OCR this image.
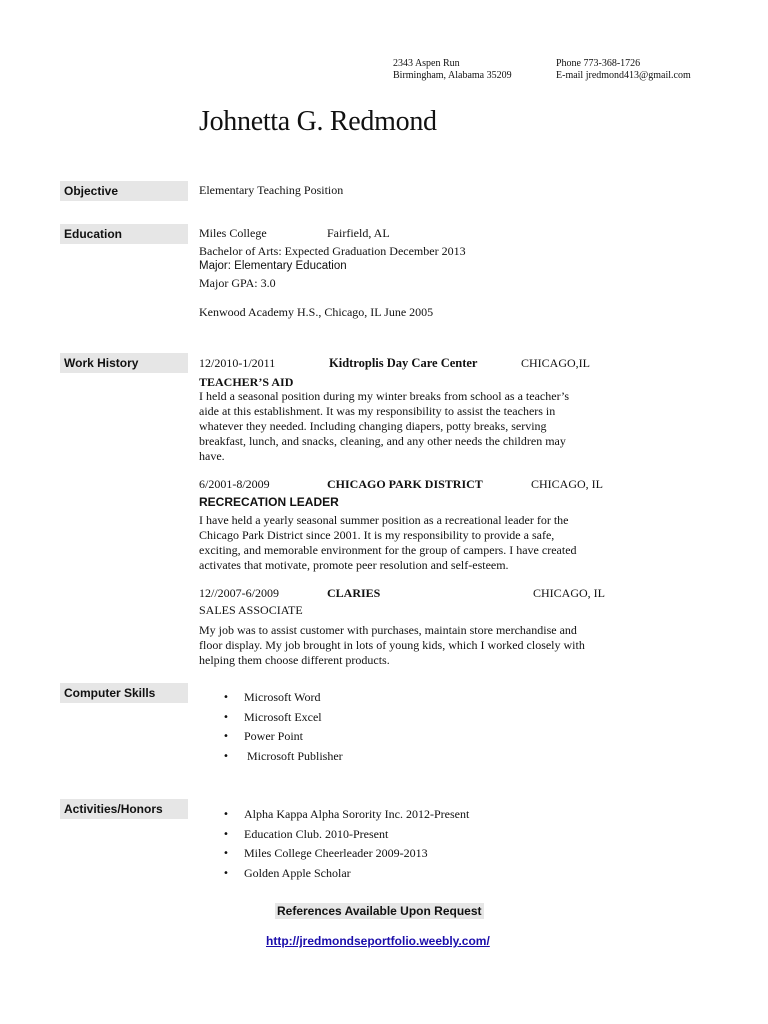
2343 Aspen Run
Birmingham, Alabama 35209
Phone 773-368-1726
E-mail jredmond413@gmail.com
Johnetta G. Redmond
Objective	Elementary Teaching Position
Education	Miles College	Fairfield, AL
Bachelor of Arts: Expected Graduation December 2013
Major: Elementary Education
Major GPA: 3.0
Kenwood Academy H.S., Chicago, IL June 2005
Work History	12/2010-1/2011	Kidtroplis Day Care Center	CHICAGO,IL
TEACHER’S AID
I held a seasonal position during my winter breaks from school as a teacher’s aide at this establishment. It was my responsibility to assist the teachers in whatever they needed. Including changing diapers, potty breaks, serving breakfast, lunch, and snacks, cleaning, and any other needs the children may have.
6/2001-8/2009	CHICAGO PARK DISTRICT	CHICAGO, IL
RECRECATION LEADER
I have held a yearly seasonal summer position as a recreational leader for the Chicago Park District since 2001. It is my responsibility to provide a safe, exciting, and memorable environment for the group of campers. I have created activates that motivate, promote peer resolution and self-esteem.
12//2007-6/2009	CLARIES	CHICAGO, IL
SALES ASSOCIATE
My job was to assist customer with purchases, maintain store merchandise and floor display. My job brought in lots of young kids, which I worked closely with helping them choose different products.
Computer Skills	• Microsoft Word
• Microsoft Excel
• Power Point
•  Microsoft Publisher
Activities/Honors	• Alpha Kappa Alpha Sorority Inc. 2012-Present
• Education Club. 2010-Present
• Miles College Cheerleader 2009-2013
• Golden Apple Scholar
References Available Upon Request
http://jredmondseportfolio.weebly.com/
